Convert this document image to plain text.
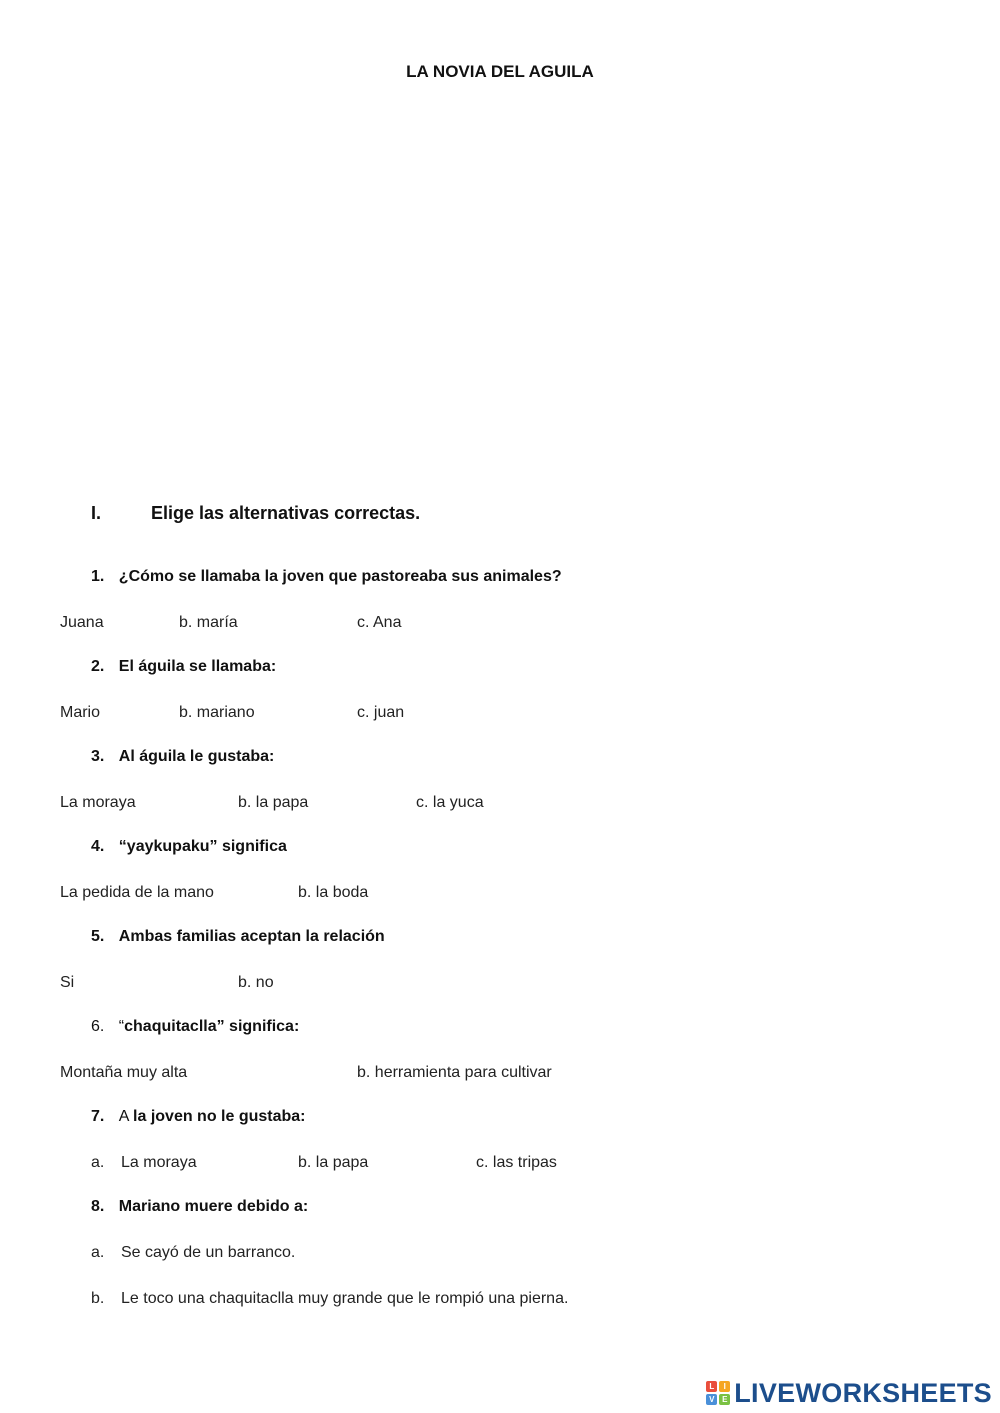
LA NOVIA DEL AGUILA
I.	Elige las alternativas correctas.
1. ¿Cómo se llamaba la joven que pastoreaba sus animales?
Juana	b. maría	c. Ana
2. El águila se llamaba:
Mario	b. mariano	c. juan
3. Al águila le gustaba:
La moraya	b. la papa	c. la yuca
4. “yaykupaku” significa
La pedida de la mano	b. la boda
5. Ambas familias aceptan la relación
Si	b. no
6. “chaquitaclla” significa:
Montaña muy alta	b. herramienta para cultivar
7. A la joven no le gustaba:
a. La moraya	b. la papa	c. las tripas
8. Mariano muere debido a:
a. Se cayó de un barranco.
b. Le toco una chaquitaclla muy grande que le rompió una pierna.
L	I
V E LIVEWORKSHEETS
